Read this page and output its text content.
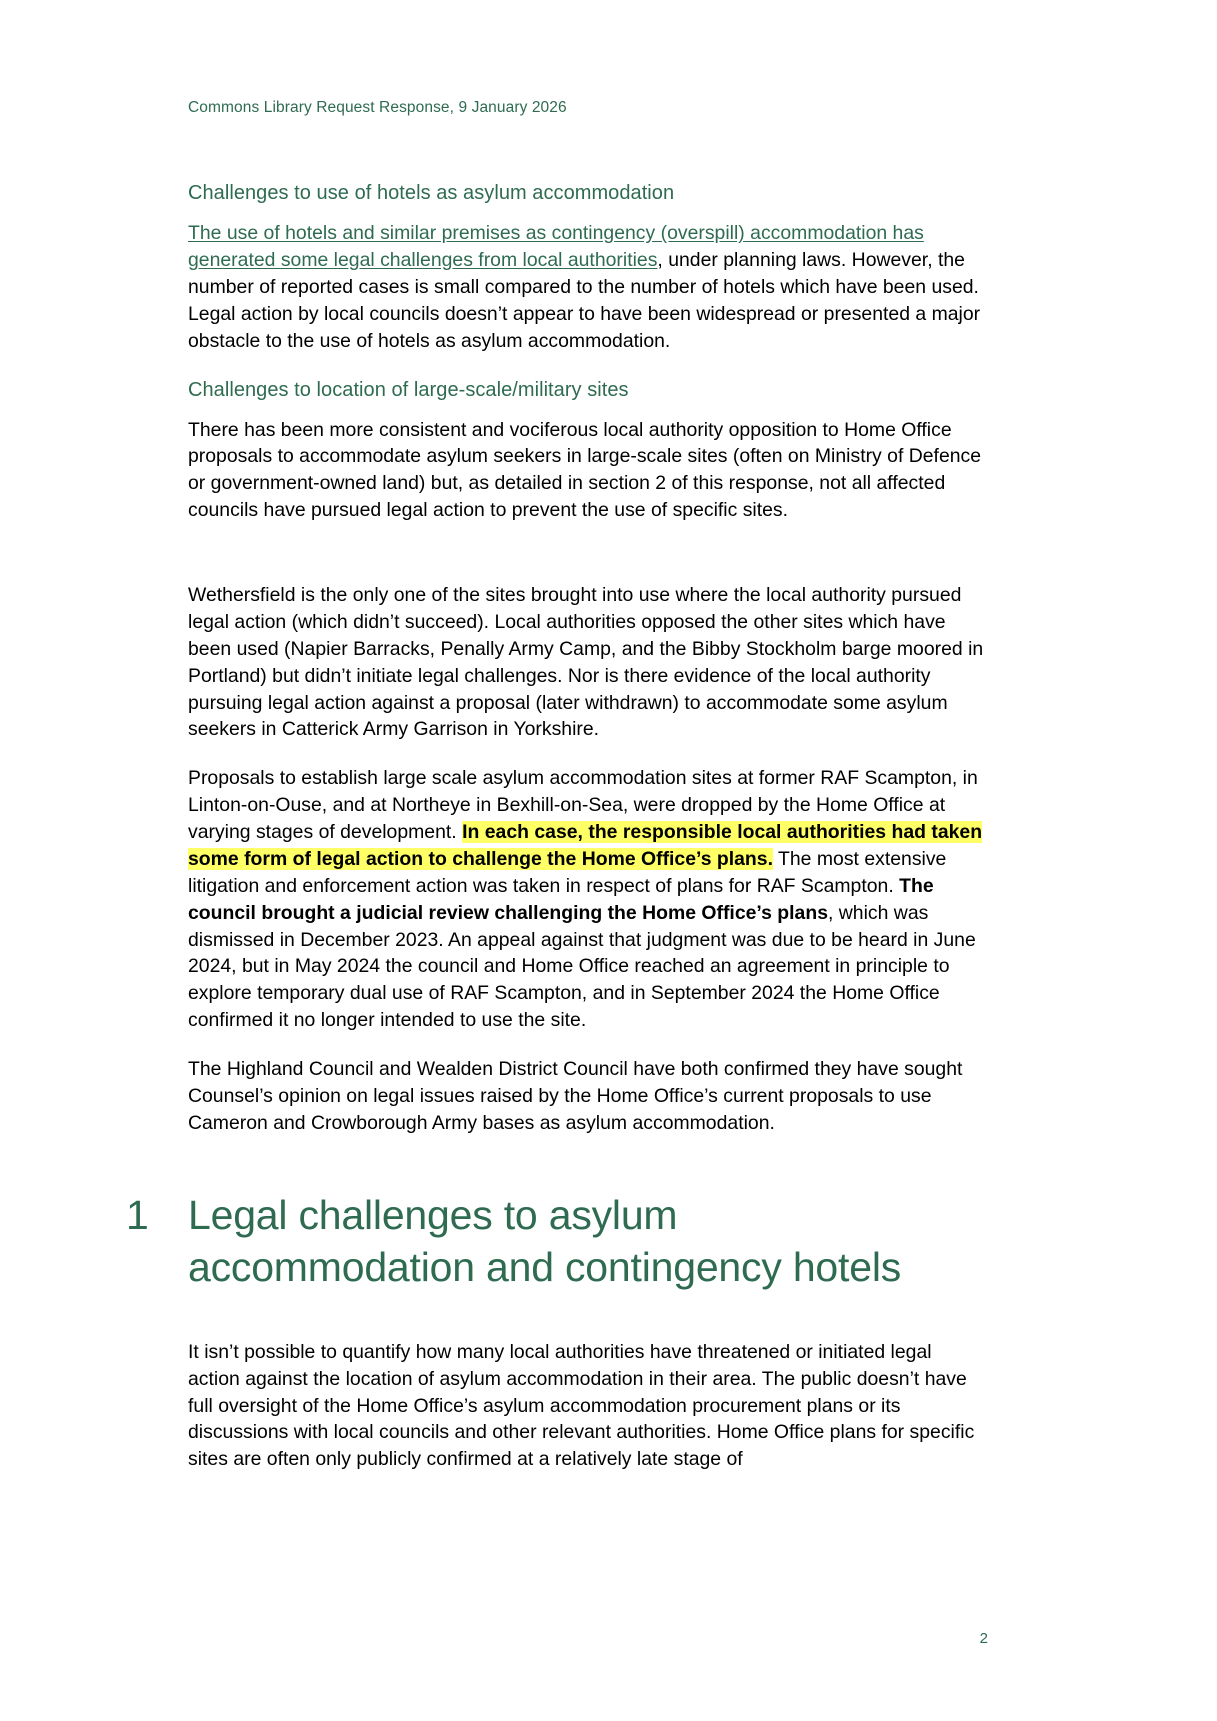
Commons Library Request Response, 9 January 2026
Challenges to use of hotels as asylum accommodation

The use of hotels and similar premises as contingency (overspill) accommodation has generated some legal challenges from local authorities, under planning laws. However, the number of reported cases is small compared to the number of hotels which have been used. Legal action by local councils doesn’t appear to have been widespread or presented a major obstacle to the use of hotels as asylum accommodation.

Challenges to location of large-scale/military sites

There has been more consistent and vociferous local authority opposition to Home Office proposals to accommodate asylum seekers in large-scale sites (often on Ministry of Defence or government-owned land) but, as detailed in section 2 of this response, not all affected councils have pursued legal action to prevent the use of specific sites.

Wethersfield is the only one of the sites brought into use where the local authority pursued legal action (which didn’t succeed). Local authorities opposed the other sites which have been used (Napier Barracks, Penally Army Camp, and the Bibby Stockholm barge moored in Portland) but didn’t initiate legal challenges. Nor is there evidence of the local authority pursuing legal action against a proposal (later withdrawn) to accommodate some asylum seekers in Catterick Army Garrison in Yorkshire.

Proposals to establish large scale asylum accommodation sites at former RAF Scampton, in Linton-on-Ouse, and at Northeye in Bexhill-on-Sea, were dropped by the Home Office at varying stages of development. In each case, the responsible local authorities had taken some form of legal action to challenge the Home Office’s plans. The most extensive litigation and enforcement action was taken in respect of plans for RAF Scampton. The council brought a judicial review challenging the Home Office’s plans, which was dismissed in December 2023. An appeal against that judgment was due to be heard in June 2024, but in May 2024 the council and Home Office reached an agreement in principle to explore temporary dual use of RAF Scampton, and in September 2024 the Home Office confirmed it no longer intended to use the site.

The Highland Council and Wealden District Council have both confirmed they have sought Counsel’s opinion on legal issues raised by the Home Office’s current proposals to use Cameron and Crowborough Army bases as asylum accommodation.

1 Legal challenges to asylum accommodation and contingency hotels

It isn’t possible to quantify how many local authorities have threatened or initiated legal action against the location of asylum accommodation in their area. The public doesn’t have full oversight of the Home Office’s asylum accommodation procurement plans or its discussions with local councils and other relevant authorities. Home Office plans for specific sites are often only publicly confirmed at a relatively late stage of

2
